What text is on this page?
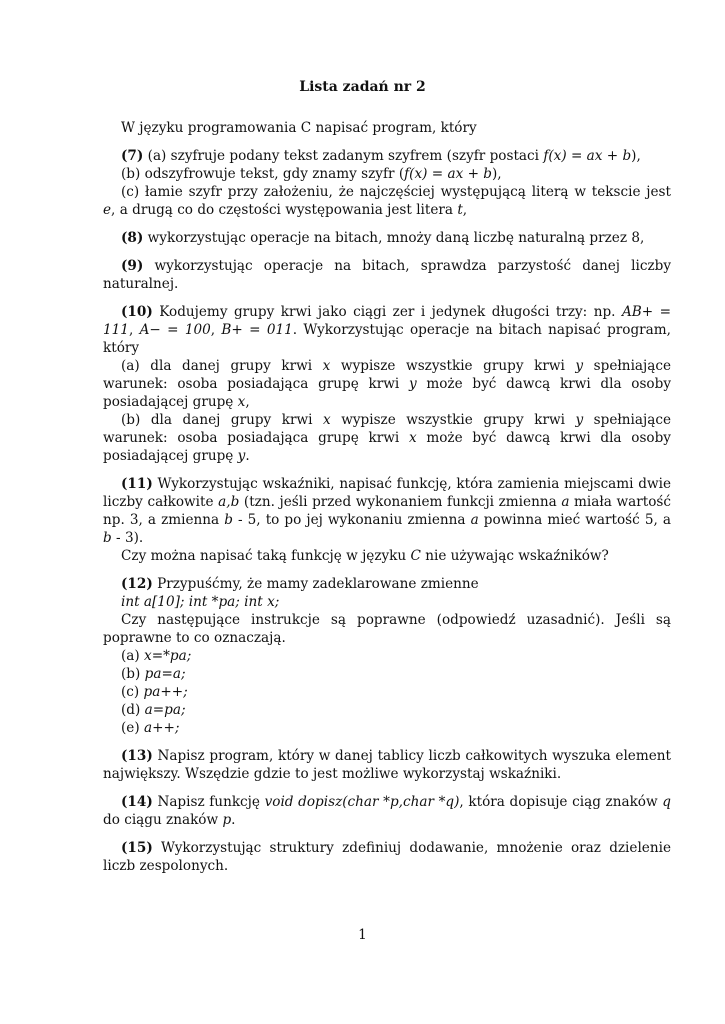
Lista zadań nr 2

W języku programowania C napisać program, który

(7) (a) szyfruje podany tekst zadanym szyfrem (szyfr postaci f(x) = ax + b),

(b) odszyfrowuje tekst, gdy znamy szyfr (f(x) = ax + b),

(c) łamie szyfr przy założeniu, że najczęściej występującą literą w tekscie jest e, a drugą co do częstości występowania jest litera t,

(8) wykorzystując operacje na bitach, mnoży daną liczbę naturalną przez 8,

(9) wykorzystując operacje na bitach, sprawdza parzystość danej liczby naturalnej.

(10) Kodujemy grupy krwi jako ciągi zer i jedynek długości trzy: np. AB+ = 111, A− = 100, B+ = 011. Wykorzystując operacje na bitach napisać program, który

(a) dla danej grupy krwi x wypisze wszystkie grupy krwi y spełniające warunek: osoba posiadająca grupę krwi y może być dawcą krwi dla osoby posiadającej grupę x,

(b) dla danej grupy krwi x wypisze wszystkie grupy krwi y spełniające warunek: osoba posiadająca grupę krwi x może być dawcą krwi dla osoby posiadającej grupę y.

(11) Wykorzystując wskaźniki, napisać funkcję, która zamienia miejscami dwie liczby całkowite a,b (tzn. jeśli przed wykonaniem funkcji zmienna a miała wartość np. 3, a zmienna b - 5, to po jej wykonaniu zmienna a powinna mieć wartość 5, a b - 3).

Czy można napisać taką funkcję w języku C nie używając wskaźników?

(12) Przypuśćmy, że mamy zadeklarowane zmienne

int a[10]; int *pa; int x;

Czy następujące instrukcje są poprawne (odpowiedź uzasadnić). Jeśli są poprawne to co oznaczają.

(a) x=*pa;

(b) pa=a;

(c) pa++;

(d) a=pa;

(e) a++;

(13) Napisz program, który w danej tablicy liczb całkowitych wyszuka element największy. Wszędzie gdzie to jest możliwe wykorzystaj wskaźniki.

(14) Napisz funkcję void dopisz(char *p,char *q), która dopisuje ciąg znaków q do ciągu znaków p.

(15) Wykorzystując struktury zdefiniuj dodawanie, mnożenie oraz dzielenie liczb zespolonych.

1
